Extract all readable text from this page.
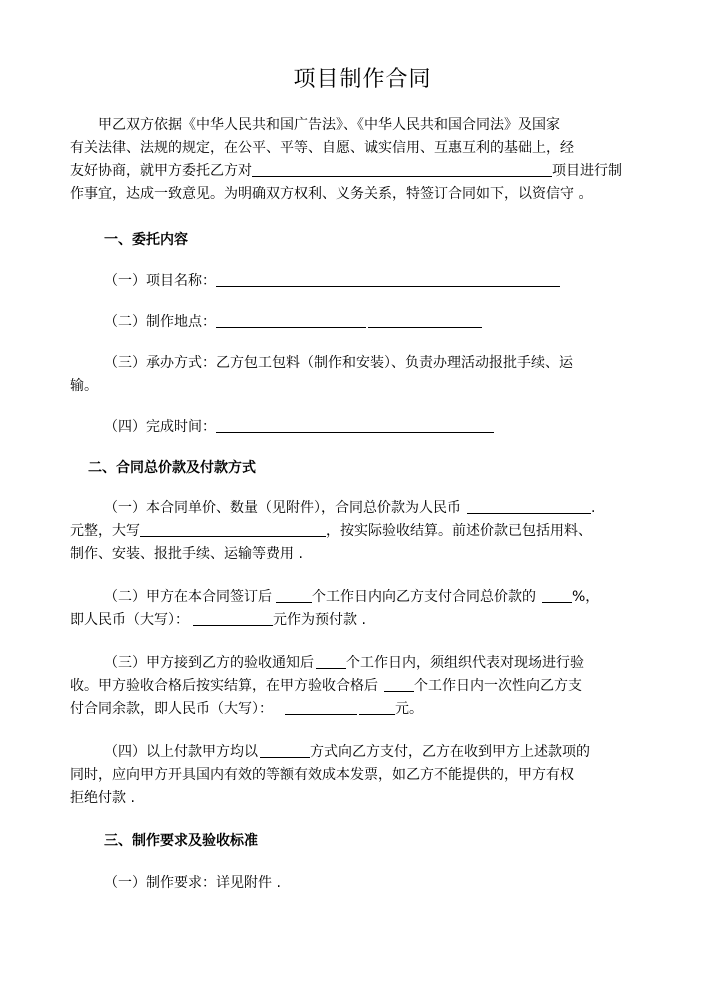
项目制作合同
甲乙双方依据《中华人民共和国广告法》、《中华人民共和国合同法》及国家
有关法律、法规的规定，在公平、平等、自愿、诚实信用、互惠互利的基础上，经
友好协商，就甲方委托乙方对	项目进行制
作事宜，达成一致意见。为明确双方权利、义务关系，特签订合同如下，以资信守 。
一、委托内容
（一）项目名称：
（二）制作地点：
（三）承办方式：乙方包工包料（制作和安装）、负责办理活动报批手续、运
输。
（四）完成时间：
二、合同总价款及付款方式
（一）本合同单价、数量（见附件），合同总价款为人民币	.
元整，大写	，按实际验收结算。前述价款已包括用料、
制作、安装、报批手续、运输等费用 .
（二）甲方在本合同签订后	个工作日内向乙方支付合同总价款的	%，
即人民币（大写）：	元作为预付款 .
（三）甲方接到乙方的验收通知后 个工作日内，须组织代表对现场进行验
收。甲方验收合格后按实结算，在甲方验收合格后	个工作日内一次性向乙方支
付合同余款，即人民币（大写）：	元。
（四）以上付款甲方均以	方式向乙方支付，乙方在收到甲方上述款项的
同时，应向甲方开具国内有效的等额有效成本发票，如乙方不能提供的，甲方有权
拒绝付款 .
三、制作要求及验收标准
（一）制作要求：详见附件 .
